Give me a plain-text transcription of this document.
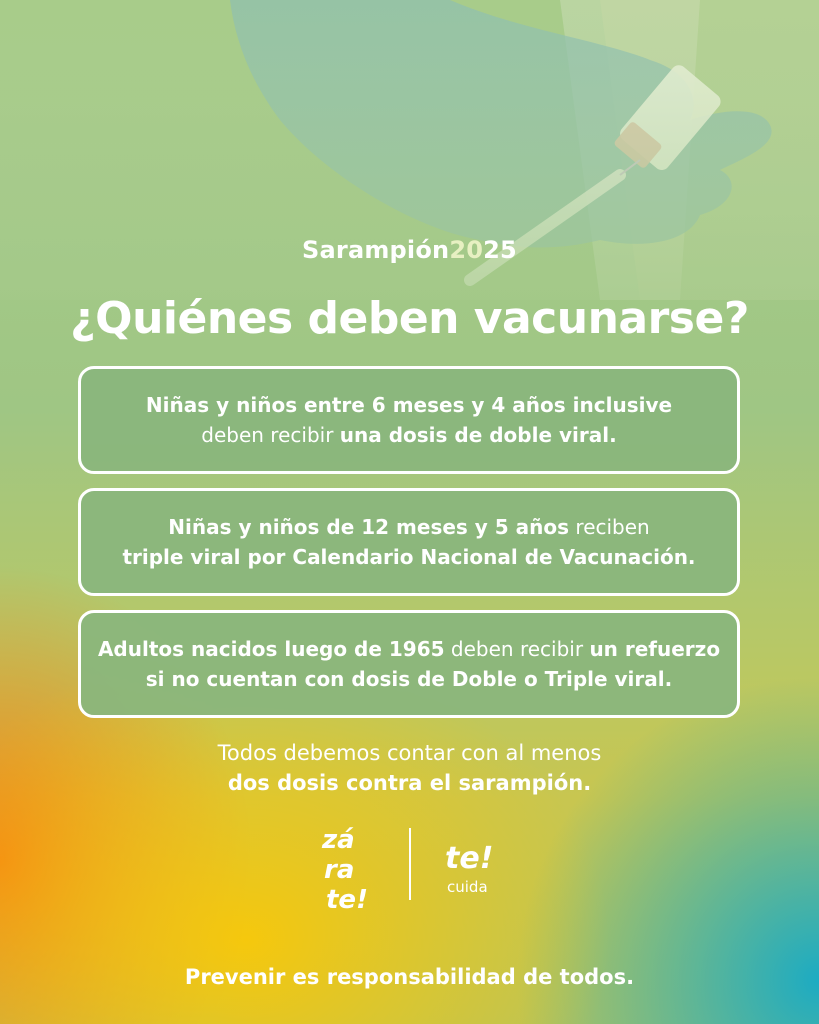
Sarampión2025
¿Quiénes deben vacunarse?
Niñas y niños entre 6 meses y 4 años inclusive
deben recibir una dosis de doble viral.
Niñas y niños de 12 meses y 5 años reciben
triple viral por Calendario Nacional de Vacunación.
Adultos nacidos luego de 1965 deben recibir un refuerzo
si no cuentan con dosis de Doble o Triple viral.
Todos debemos contar con al menos
dos dosis contra el sarampión.
zá
ra
te!
te!
cuida
Prevenir es responsabilidad de todos.
